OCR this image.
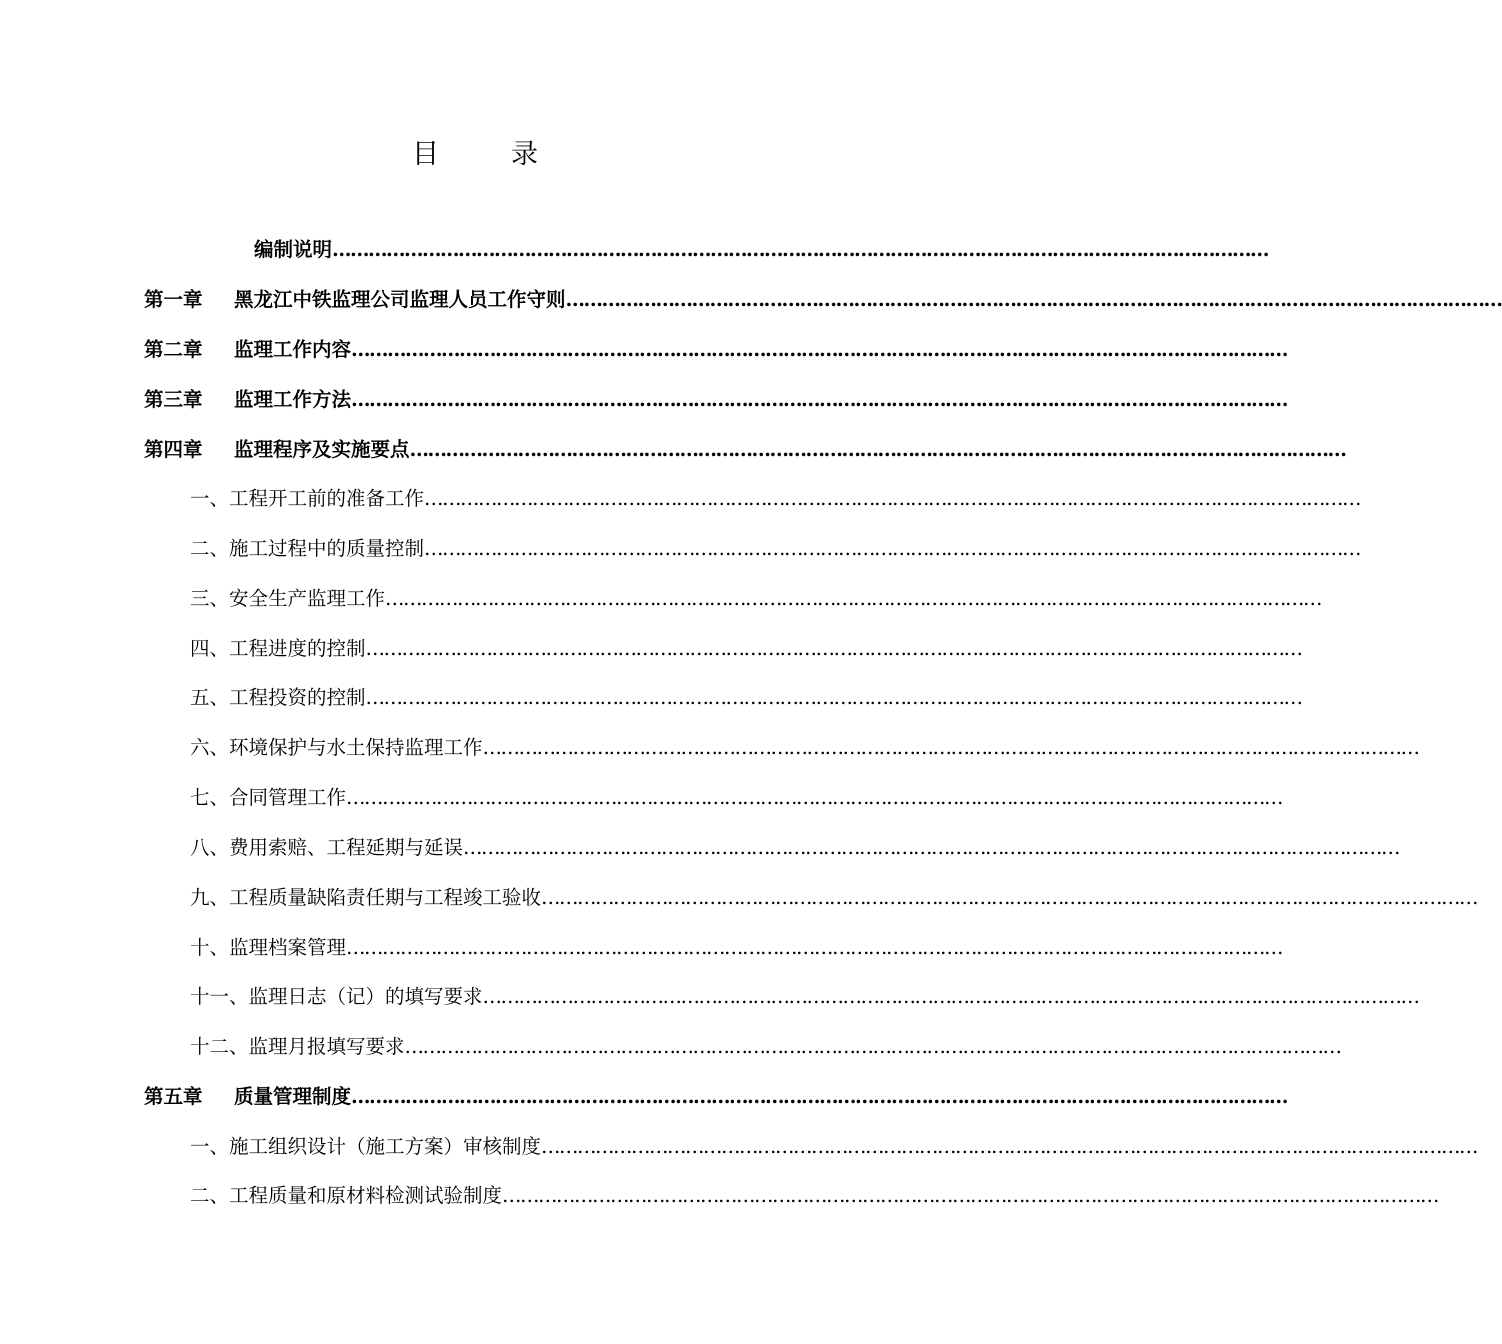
目	录
编制说明 …………………………………………………………………………………………………………………………………………
第一章	黑龙江中铁监理公司监理人员工作守则 …………………………………………………………………………………………………………………………………………
第二章	监理工作内容 …………………………………………………………………………………………………………………………………………
第三章	监理工作方法 …………………………………………………………………………………………………………………………………………
第四章	监理程序及实施要点 …………………………………………………………………………………………………………………………………………
一、工程开工前的准备工作 …………………………………………………………………………………………………………………………………………
二、施工过程中的质量控制 …………………………………………………………………………………………………………………………………………
三、安全生产监理工作 …………………………………………………………………………………………………………………………………………
四、工程进度的控制 …………………………………………………………………………………………………………………………………………
五、工程投资的控制 …………………………………………………………………………………………………………………………………………
六、环境保护与水土保持监理工作 …………………………………………………………………………………………………………………………………………
七、合同管理工作 …………………………………………………………………………………………………………………………………………
八、费用索赔、工程延期与延误 …………………………………………………………………………………………………………………………………………
九、工程质量缺陷责任期与工程竣工验收 …………………………………………………………………………………………………………………………………………
十、监理档案管理 …………………………………………………………………………………………………………………………………………
十一、监理日志（记）的填写要求 …………………………………………………………………………………………………………………………………………
十二、监理月报填写要求 …………………………………………………………………………………………………………………………………………
第五章	质量管理制度 …………………………………………………………………………………………………………………………………………
一、施工组织设计（施工方案）审核制度 …………………………………………………………………………………………………………………………………………
二、工程质量和原材料检测试验制度 …………………………………………………………………………………………………………………………………………
